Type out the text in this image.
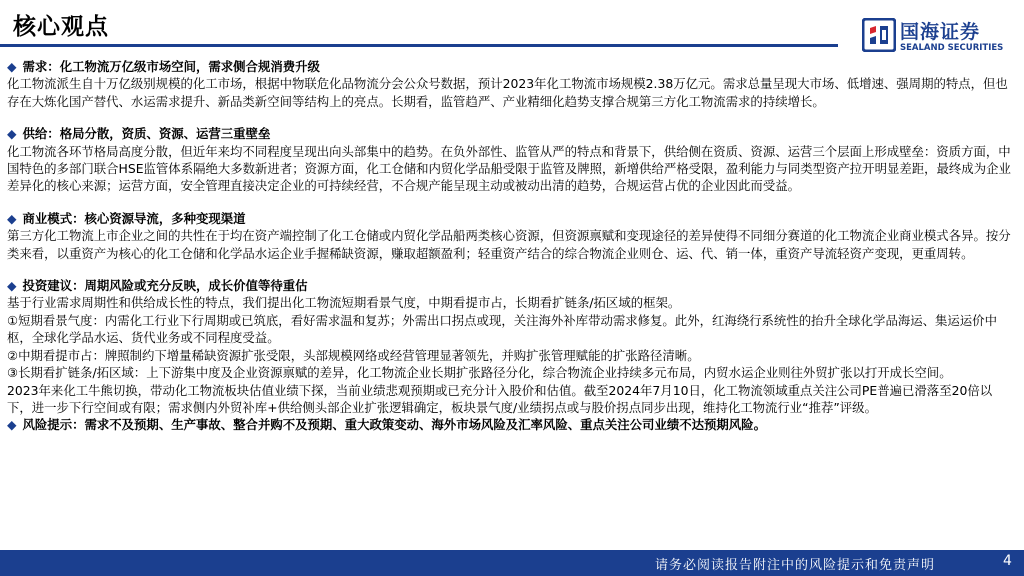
核心观点	国海证券
SEALAND SECURITIES
◆ 需求：化工物流万亿级市场空间，需求侧合规消费升级

化工物流派生自十万亿级别规模的化工市场，根据中物联危化品物流分会公众号数据，预计2023年化工物流市场规模2.38万亿元。需求总量呈现大市场、低增速、强周期的特点，但也存在大炼化国产替代、水运需求提升、新品类新空间等结构上的亮点。长期看，监管趋严、产业精细化趋势支撑合规第三方化工物流需求的持续增长。

◆ 供给：格局分散，资质、资源、运营三重壁垒

化工物流各环节格局高度分散，但近年来均不同程度呈现出向头部集中的趋势。在负外部性、监管从严的特点和背景下，供给侧在资质、资源、运营三个层面上形成壁垒：资质方面，中国特色的多部门联合HSE监管体系隔绝大多数新进者；资源方面，化工仓储和内贸化学品船受限于监管及牌照，新增供给严格受限，盈利能力与同类型资产拉开明显差距，最终成为企业差异化的核心来源；运营方面，安全管理直接决定企业的可持续经营，不合规产能呈现主动或被动出清的趋势，合规运营占优的企业因此而受益。

◆ 商业模式：核心资源导流，多种变现渠道

第三方化工物流上市企业之间的共性在于均在资产端控制了化工仓储或内贸化学品船两类核心资源，但资源禀赋和变现途径的差异使得不同细分赛道的化工物流企业商业模式各异。按分类来看，以重资产为核心的化工仓储和化学品水运企业手握稀缺资源，赚取超额盈利；轻重资产结合的综合物流企业则仓、运、代、销一体，重资产导流轻资产变现，更重周转。

◆ 投资建议：周期风险或充分反映，成长价值等待重估

基于行业需求周期性和供给成长性的特点，我们提出化工物流短期看景气度，中期看提市占，长期看扩链条/拓区域的框架。

①短期看景气度：内需化工行业下行周期或已筑底，看好需求温和复苏；外需出口拐点或现，关注海外补库带动需求修复。此外，红海绕行系统性的抬升全球化学品海运、集运运价中枢，全球化学品水运、货代业务或不同程度受益。

②中期看提市占：牌照制约下增量稀缺资源扩张受限，头部规模网络或经营管理显著领先，并购扩张管理赋能的扩张路径清晰。

③长期看扩链条/拓区域：上下游集中度及企业资源禀赋的差异，化工物流企业长期扩张路径分化，综合物流企业持续多元布局，内贸水运企业则往外贸扩张以打开成长空间。

2023年来化工牛熊切换，带动化工物流板块估值业绩下探，当前业绩悲观预期或已充分计入股价和估值。截至2024年7月10日，化工物流领域重点关注公司PE普遍已滑落至20倍以下，进一步下行空间或有限；需求侧内外贸补库+供给侧头部企业扩张逻辑确定，板块景气度/业绩拐点或与股价拐点同步出现，维持化工物流行业“推荐”评级。

◆ 风险提示：需求不及预期、生产事故、整合并购不及预期、重大政策变动、海外市场风险及汇率风险、重点关注公司业绩不达预期风险。
请务必阅读报告附注中的风险提示和免责声明	4
